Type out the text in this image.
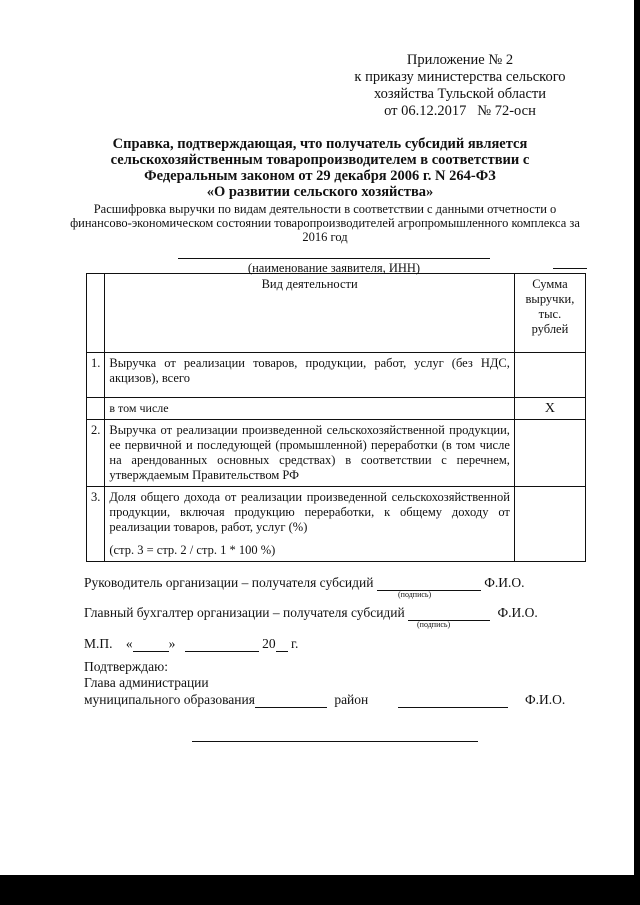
Приложение № 2
к приказу министерства сельского
хозяйства Тульской области
от 06.12.2017   № 72-осн
Справка, подтверждающая, что получатель субсидий является
сельскохозяйственным товаропроизводителем в соответствии с
Федеральным законом от 29 декабря 2006 г. N 264-ФЗ
«О развитии сельского хозяйства»
Расшифровка выручки по видам деятельности в соответствии с данными отчетности о финансово-экономическом состоянии товаропроизводителей агропромышленного комплекса за 2016 год
(наименование заявителя, ИНН)
	Вид деятельности	Сумма выручки, тыс. рублей
1.	Выручка от реализации товаров, продукции, работ, услуг (без НДС, акцизов), всего	
	в том числе	X
2.	Выручка от реализации произведенной сельскохозяйственной продукции, ее первичной и последующей (промышленной) переработки (в том числе на арендованных основных средствах) в соответствии с перечнем, утверждаемым Правительством РФ	
3.	Доля общего дохода от реализации произведенной сельскохозяйственной продукции, включая продукцию переработки, к общему доходу от реализации товаров, работ, услуг (%)
(стр. 3 = стр. 2 / стр. 1 * 100 %)	

Руководитель организации – получателя субсидий	Ф.И.О.
(подпись)
Главный бухгалтер организации – получателя субсидий	Ф.И.О.
(подпись)
М.П. «	»	20 г.
Подтверждаю:
Глава администрации
муниципального образования	район	Ф.И.О.
